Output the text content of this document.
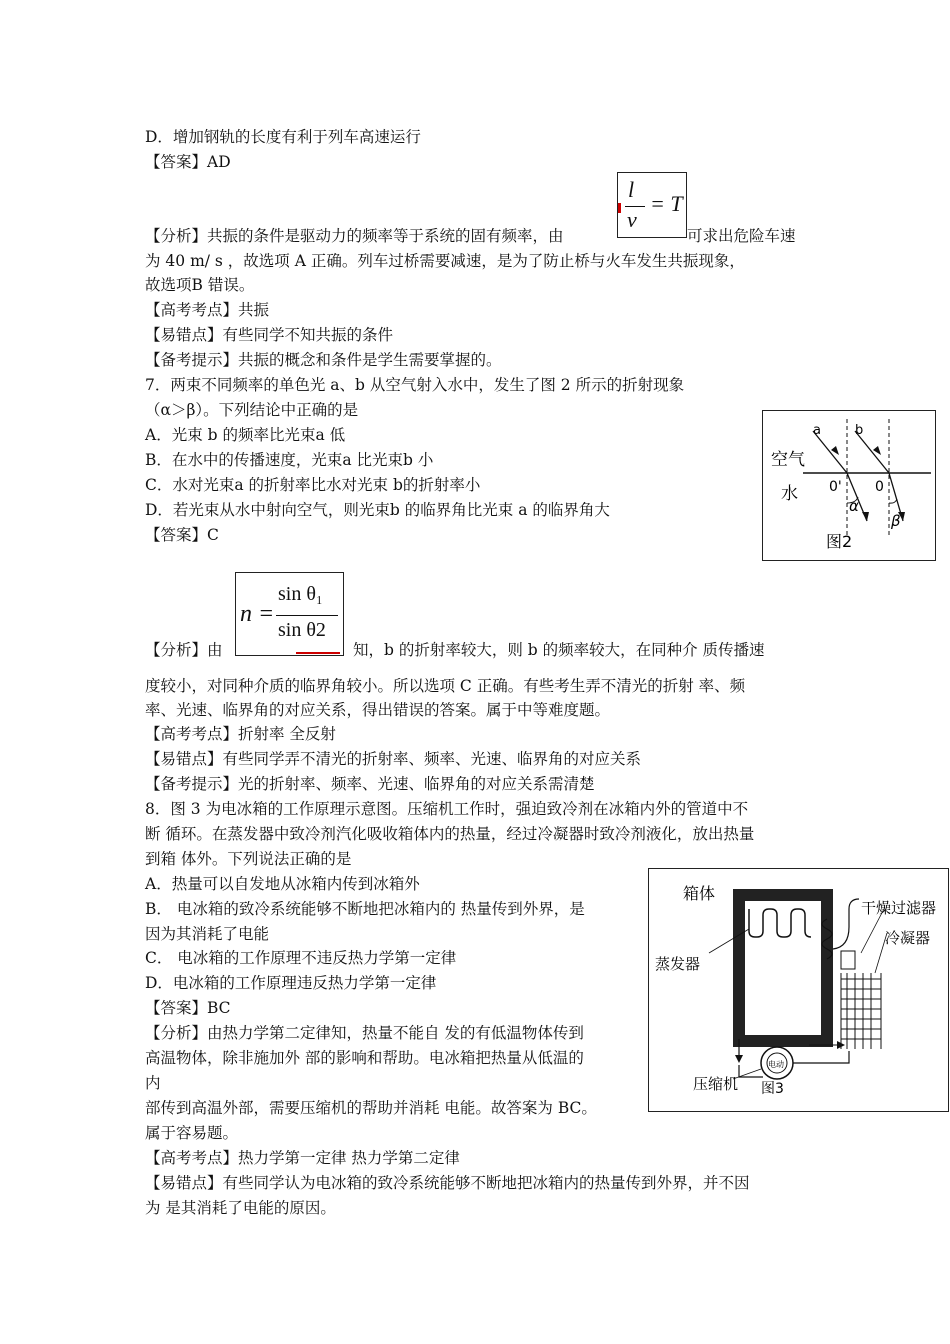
D．增加钢轨的长度有利于列车高速运行
【答案】AD
【分析】共振的条件是驱动力的频率等于系统的固有频率，由
l
v
= T
可求出危险车速
为 40 m/ s ，故选项 A 正确。列车过桥需要减速，是为了防止桥与火车发生共振现象，
故选项B 错误。
【高考考点】共振
【易错点】有些同学不知共振的条件
【备考提示】共振的概念和条件是学生需要掌握的。
7．两束不同频率的单色光 a、b 从空气射入水中，发生了图 2 所示的折射现象
（α＞β）。下列结论中正确的是
A．光束 b 的频率比光束a 低
B．在水中的传播速度，光束a 比光束b 小
C．水对光束a 的折射率比水对光束 b的折射率小
D．若光束从水中射向空气，则光束b 的临界角比光束 a 的临界角大
【答案】C
a	b
空气
水 0' 0
α
β
图2
【分析】由
n =
sin θ₁
sin θ2
知，b 的折射率较大，则 b 的频率较大，在同种介 质传播速
度较小，对同种介质的临界角较小。所以选项 C 正确。有些考生弄不清光的折射 率、频
率、光速、临界角的对应关系，得出错误的答案。属于中等难度题。
【高考考点】折射率 全反射
【易错点】有些同学弄不清光的折射率、频率、光速、临界角的对应关系
【备考提示】光的折射率、频率、光速、临界角的对应关系需清楚
8．图 3 为电冰箱的工作原理示意图。压缩机工作时，强迫致冷剂在冰箱内外的管道中不
断 循环。在蒸发器中致冷剂汽化吸收箱体内的热量，经过冷凝器时致冷剂液化，放出热量
到箱 体外。下列说法正确的是
A．热量可以自发地从冰箱内传到冰箱外
B． 电冰箱的致冷系统能够不断地把冰箱内的 热量传到外界，是
因为其消耗了电能
C． 电冰箱的工作原理不违反热力学第一定律
D．电冰箱的工作原理违反热力学第一定律
【答案】BC
【分析】由热力学第二定律知，热量不能自 发的有低温物体传到
高温物体，除非施加外 部的影响和帮助。电冰箱把热量从低温的
内
部传到高温外部，需要压缩机的帮助并消耗 电能。故答案为 BC。
属于容易题。
【高考考点】热力学第一定律 热力学第二定律
【易错点】有些同学认为电冰箱的致冷系统能够不断地把冰箱内的热量传到外界，并不因
为 是其消耗了电能的原因。
电动
箱体
干燥过滤器
冷凝器
蒸发器
压缩机 图3
